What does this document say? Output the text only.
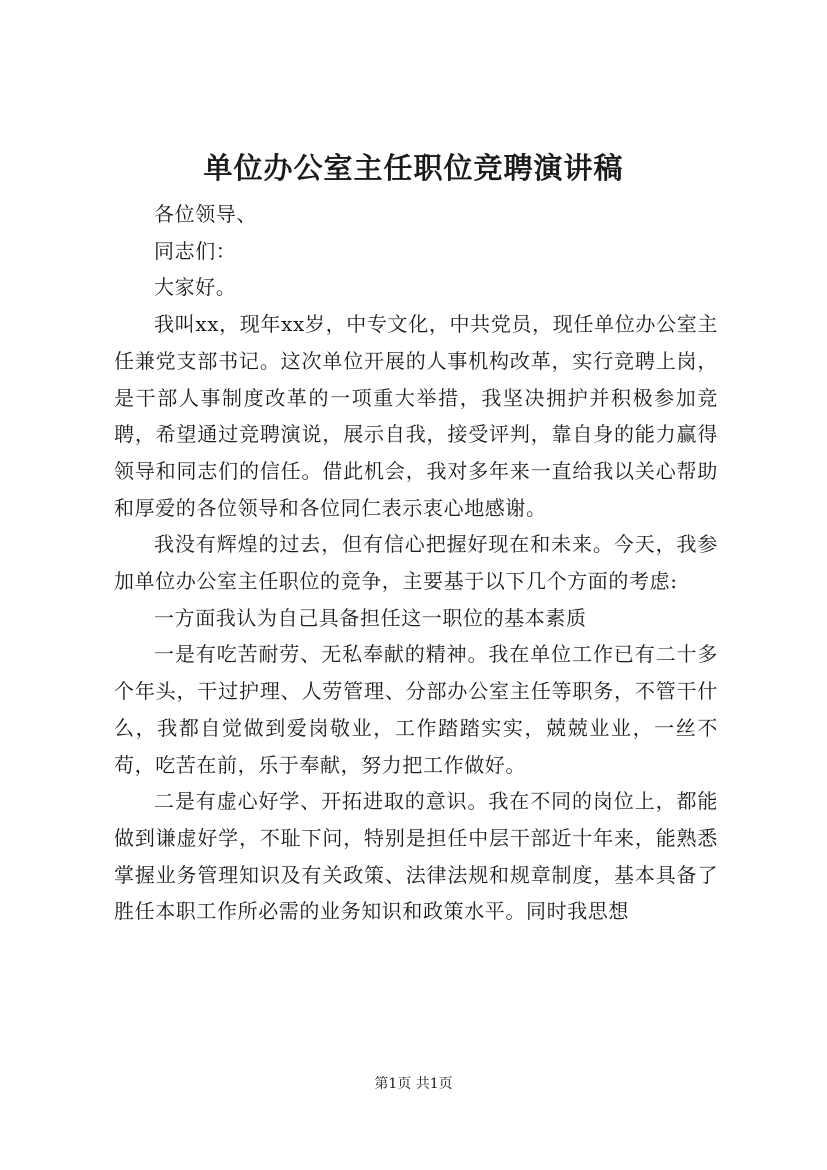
单位办公室主任职位竞聘演讲稿

各位领导、

同志们：

大家好。

我叫xx，现年xx岁，中专文化，中共党员，现任单位办公室主任兼党支部书记。这次单位开展的人事机构改革，实行竞聘上岗，是干部人事制度改革的一项重大举措，我坚决拥护并积极参加竞聘，希望通过竞聘演说，展示自我，接受评判，靠自身的能力赢得领导和同志们的信任。借此机会，我对多年来一直给我以关心帮助和厚爱的各位领导和各位同仁表示衷心地感谢。

我没有辉煌的过去，但有信心把握好现在和未来。今天，我参加单位办公室主任职位的竞争，主要基于以下几个方面的考虑:

一方面我认为自己具备担任这一职位的基本素质

一是有吃苦耐劳、无私奉献的精神。我在单位工作已有二十多个年头，干过护理、人劳管理、分部办公室主任等职务，不管干什么，我都自觉做到爱岗敬业，工作踏踏实实，兢兢业业，一丝不苟，吃苦在前，乐于奉献，努力把工作做好。

二是有虚心好学、开拓进取的意识。我在不同的岗位上，都能做到谦虚好学，不耻下问，特别是担任中层干部近十年来，能熟悉掌握业务管理知识及有关政策、法律法规和规章制度，基本具备了胜任本职工作所必需的业务知识和政策水平。同时我思想

第1页 共1页
